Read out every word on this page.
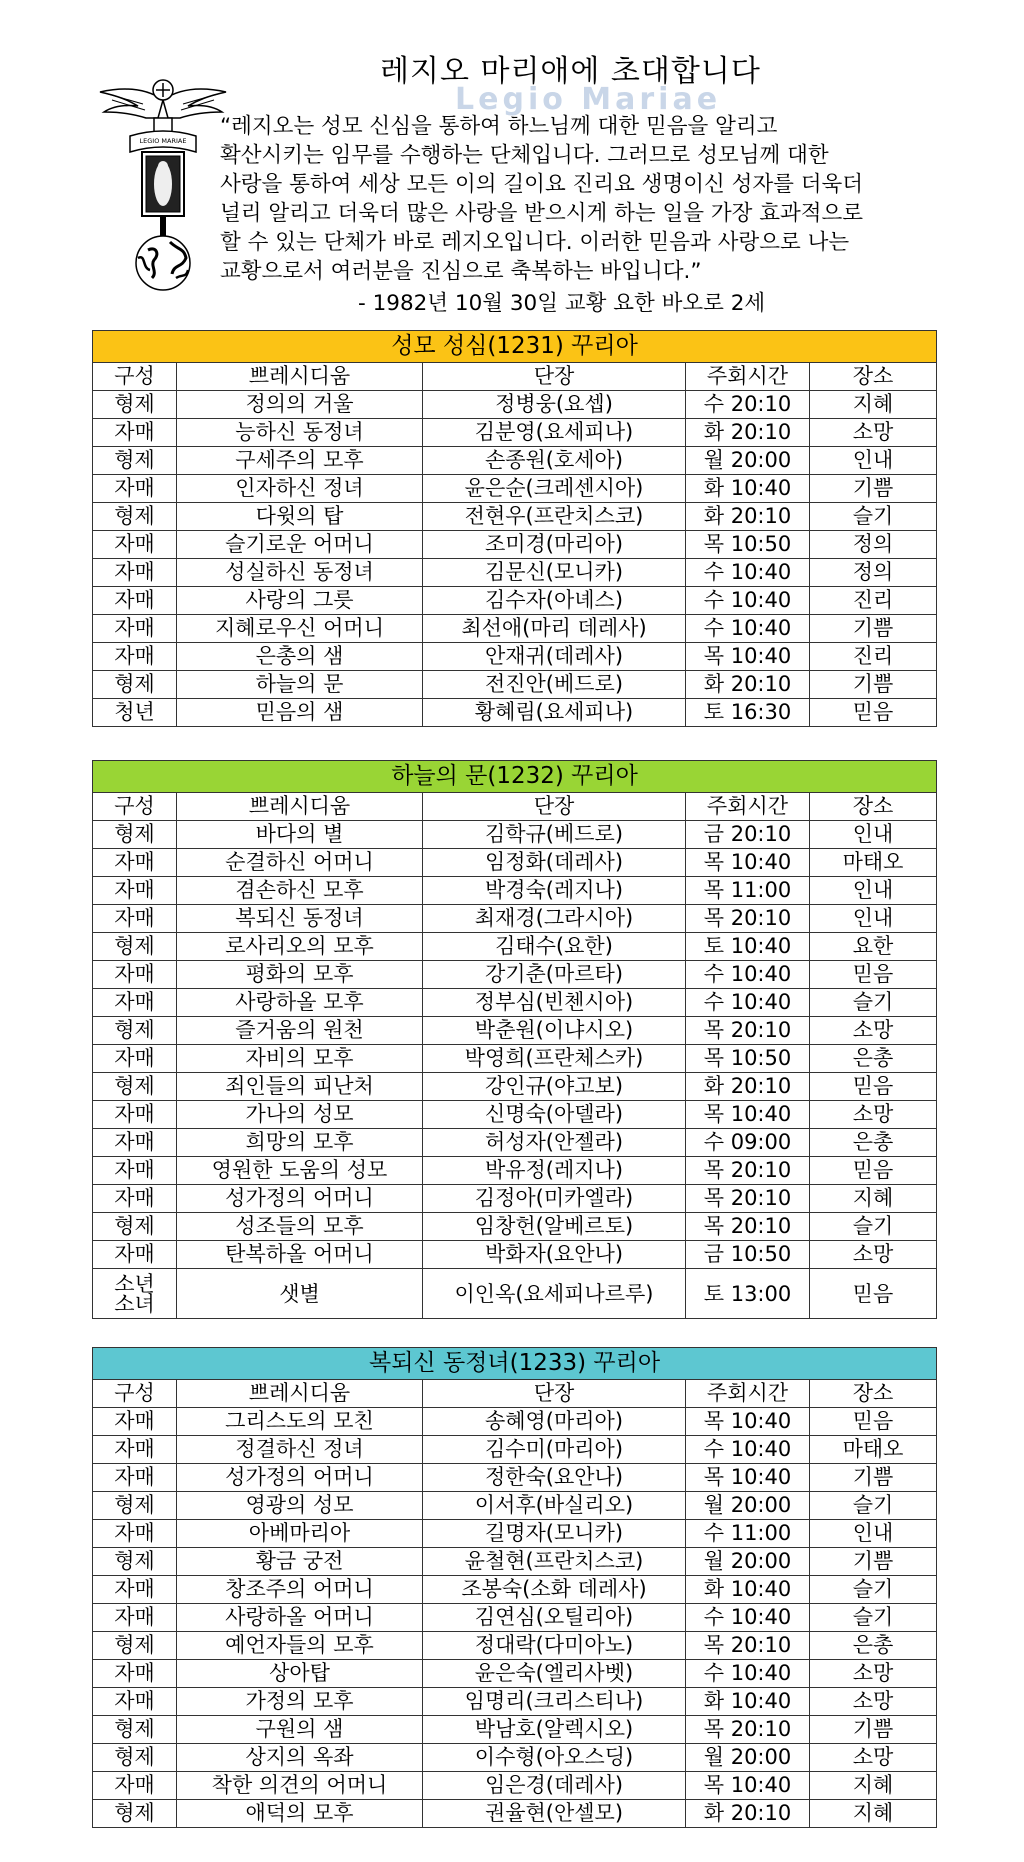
LEGIO MARIAE
레지오 마리애에 초대합니다
Legio Mariae
“레지오는 성모 신심을 통하여 하느님께 대한 믿음을 알리고
확산시키는 임무를 수행하는 단체입니다. 그러므로 성모님께 대한
사랑을 통하여 세상 모든 이의 길이요 진리요 생명이신 성자를 더욱더
널리 알리고 더욱더 많은 사랑을 받으시게 하는 일을 가장 효과적으로
할 수 있는 단체가 바로 레지오입니다. 이러한 믿음과 사랑으로 나는
교황으로서 여러분을 진심으로 축복하는 바입니다.”
- 1982년 10월 30일 교황 요한 바오로 2세
성모 성심(1231) 꾸리아				
구성	쁘레시디움	단장	주회시간	장소
형제	정의의 거울	정병웅(요셉)	수 20:10	지혜
자매	능하신 동정녀	김분영(요세피나)	화 20:10	소망
형제	구세주의 모후	손종원(호세아)	월 20:00	인내
자매	인자하신 정녀	윤은순(크레센시아)	화 10:40	기쁨
형제	다윗의 탑	전현우(프란치스코)	화 20:10	슬기
자매	슬기로운 어머니	조미경(마리아)	목 10:50	정의
자매	성실하신 동정녀	김문신(모니카)	수 10:40	정의
자매	사랑의 그릇	김수자(아녜스)	수 10:40	진리
자매	지혜로우신 어머니	최선애(마리 데레사)	수 10:40	기쁨
자매	은총의 샘	안재귀(데레사)	목 10:40	진리
형제	하늘의 문	전진안(베드로)	화 20:10	기쁨
청년	믿음의 샘	황혜림(요세피나)	토 16:30	믿음
하늘의 문(1232) 꾸리아				
구성	쁘레시디움	단장	주회시간	장소
형제	바다의 별	김학규(베드로)	금 20:10	인내
자매	순결하신 어머니	임정화(데레사)	목 10:40	마태오
자매	겸손하신 모후	박경숙(레지나)	목 11:00	인내
자매	복되신 동정녀	최재경(그라시아)	목 20:10	인내
형제	로사리오의 모후	김태수(요한)	토 10:40	요한
자매	평화의 모후	강기춘(마르타)	수 10:40	믿음
자매	사랑하올 모후	정부심(빈첸시아)	수 10:40	슬기
형제	즐거움의 원천	박춘원(이냐시오)	목 20:10	소망
자매	자비의 모후	박영희(프란체스카)	목 10:50	은총
형제	죄인들의 피난처	강인규(야고보)	화 20:10	믿음
자매	가나의 성모	신명숙(아델라)	목 10:40	소망
자매	희망의 모후	허성자(안젤라)	수 09:00	은총
자매	영원한 도움의 성모	박유정(레지나)	목 20:10	믿음
자매	성가정의 어머니	김정아(미카엘라)	목 20:10	지혜
형제	성조들의 모후	임창헌(알베르토)	목 20:10	슬기
자매	탄복하올 어머니	박화자(요안나)	금 10:50	소망

소년
소녀	샛별	이인옥(요세피나르루)	토 13:00	믿음
복되신 동정녀(1233) 꾸리아				
구성	쁘레시디움	단장	주회시간	장소
자매	그리스도의 모친	송혜영(마리아)	목 10:40	믿음
자매	정결하신 정녀	김수미(마리아)	수 10:40	마태오
자매	성가정의 어머니	정한숙(요안나)	목 10:40	기쁨
형제	영광의 성모	이서후(바실리오)	월 20:00	슬기
자매	아베마리아	길명자(모니카)	수 11:00	인내
형제	황금 궁전	윤철현(프란치스코)	월 20:00	기쁨
자매	창조주의 어머니	조봉숙(소화 데레사)	화 10:40	슬기
자매	사랑하올 어머니	김연심(오틸리아)	수 10:40	슬기
형제	예언자들의 모후	정대락(다미아노)	목 20:10	은총
자매	상아탑	윤은숙(엘리사벳)	수 10:40	소망
자매	가정의 모후	임명리(크리스티나)	화 10:40	소망
형제	구원의 샘	박남호(알렉시오)	목 20:10	기쁨
형제	상지의 옥좌	이수형(아오스딩)	월 20:00	소망
자매	착한 의견의 어머니	임은경(데레사)	목 10:40	지혜
형제	애덕의 모후	권율현(안셀모)	화 20:10	지혜
